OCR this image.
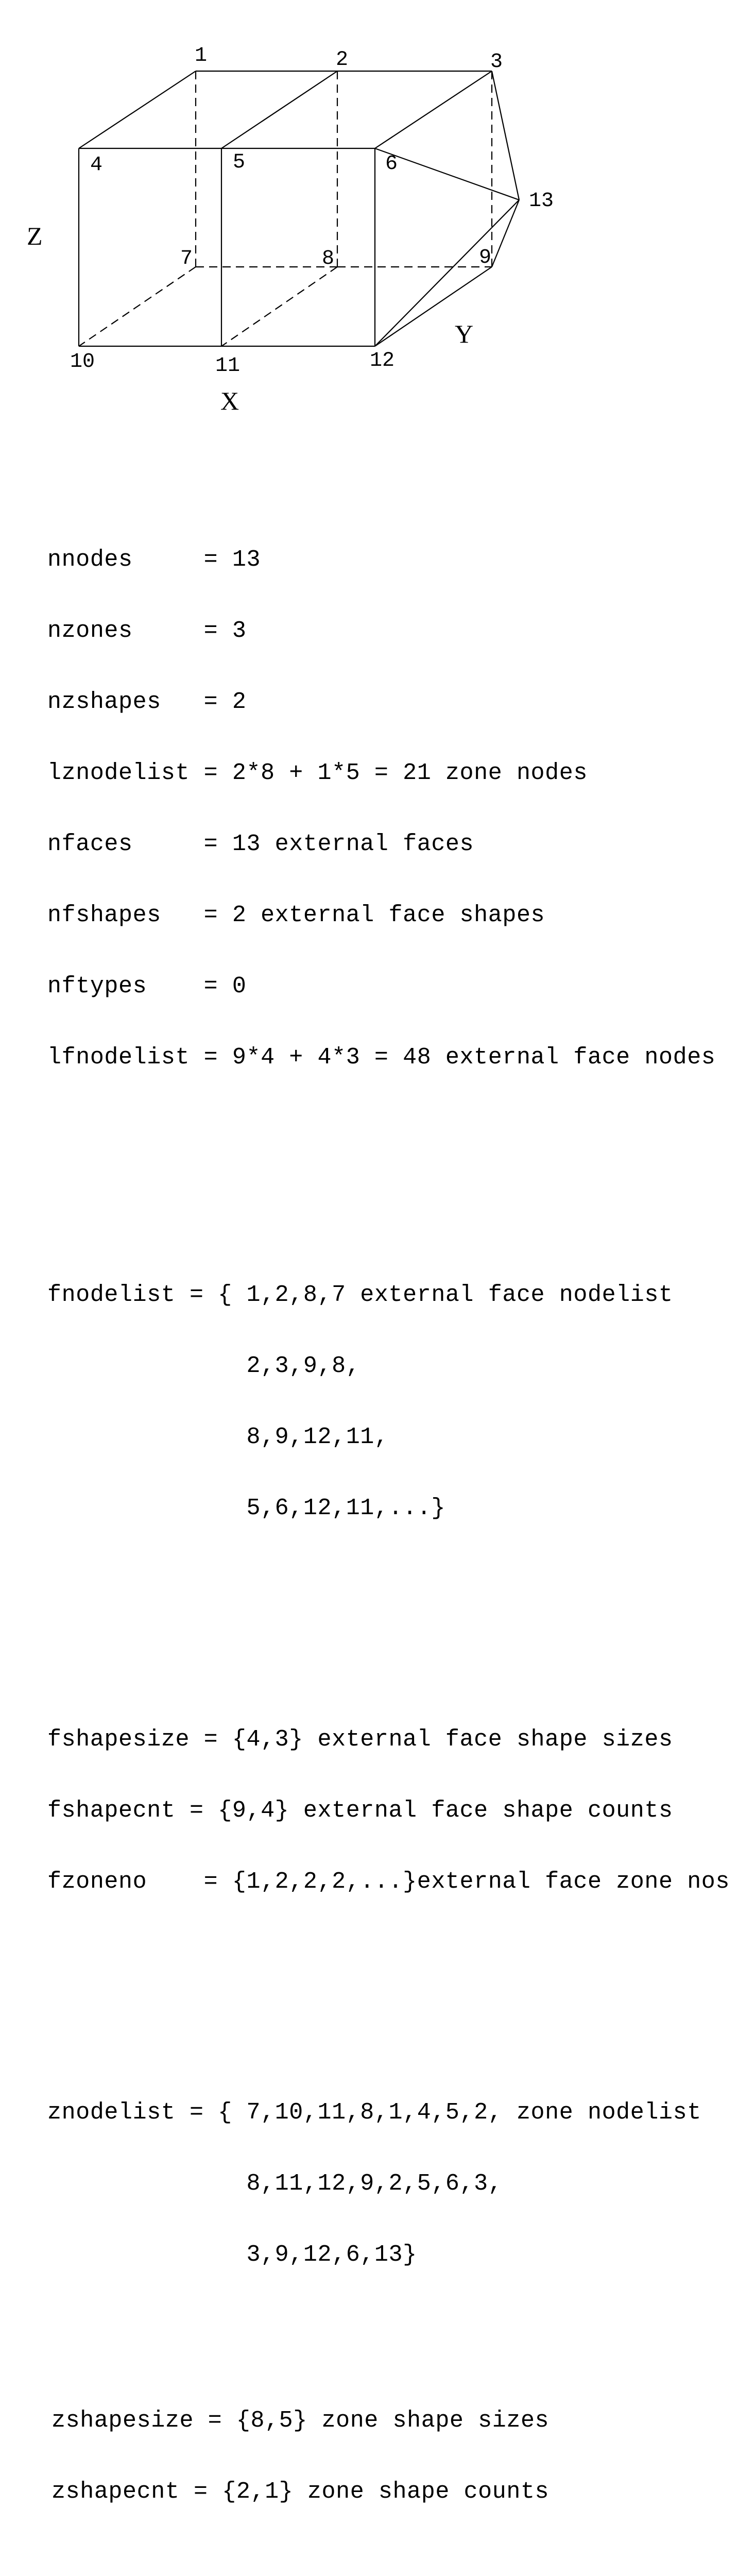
1	2	3
4	5	6
7	8	9
10	11	12
13
Z
Y
X

nnodes     = 13

nzones     = 3

nzshapes   = 2

lznodelist = 2*8 + 1*5 = 21 zone nodes

nfaces     = 13 external faces

nfshapes   = 2 external face shapes

nftypes    = 0

lfnodelist = 9*4 + 4*3 = 48 external face nodes

fnodelist = { 1,2,8,7 external face nodelist

2,3,9,8,

8,9,12,11,

5,6,12,11,...}

fshapesize = {4,3} external face shape sizes

fshapecnt = {9,4} external face shape counts

fzoneno    = {1,2,2,2,...}external face zone nos

znodelist = { 7,10,11,8,1,4,5,2, zone nodelist

8,11,12,9,2,5,6,3,

3,9,12,6,13}

zshapesize = {8,5} zone shape sizes

zshapecnt = {2,1} zone shape counts
